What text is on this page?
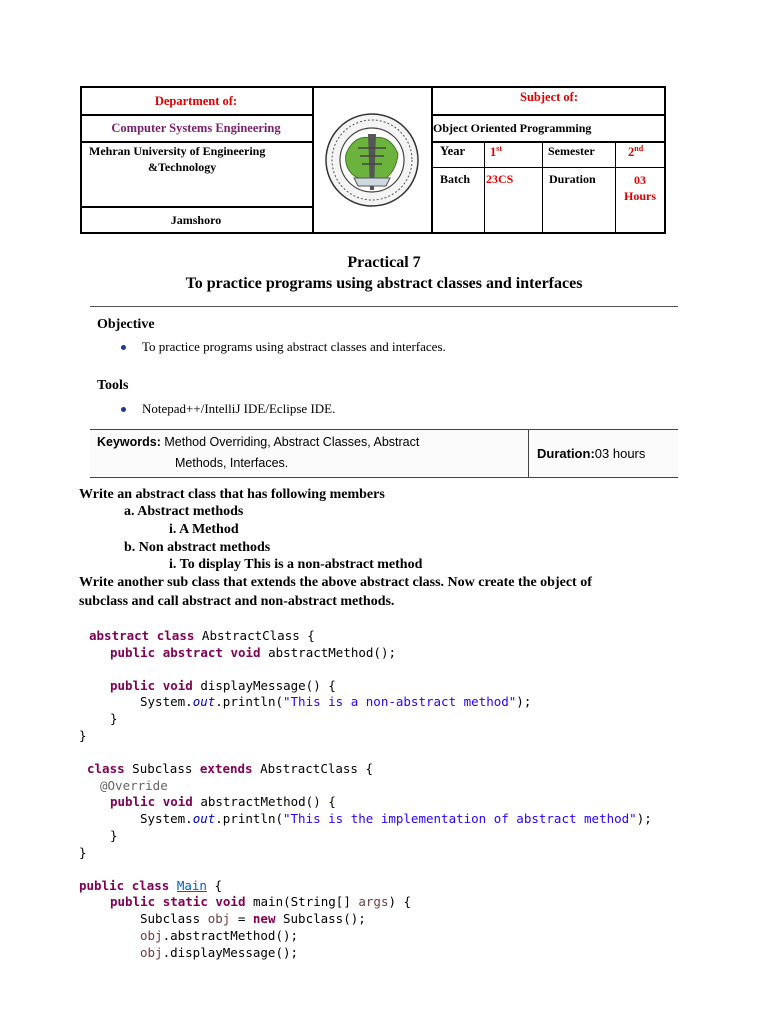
Department of:	Subject of:
Computer Systems Engineering	Object Oriented Programming
Mehran University of Engineering
&Technology
Jamshoro
Year 1st	Semester	2nd
Batch 23CS	Duration	03
Hours
Practical 7
To practice programs using abstract classes and interfaces
Objective
To practice programs using abstract classes and interfaces.
Tools
Notepad++/IntelliJ IDE/Eclipse IDE.
Keywords: Method Overriding, Abstract Classes, Abstract
Methods, Interfaces.
Duration:03 hours
Write an abstract class that has following members
a. Abstract methods
i. A Method
b. Non abstract methods
i. To display This is a non-abstract method
Write another sub class that extends the above abstract class. Now create the object of
subclass and call abstract and non-abstract methods.
abstract class AbstractClass {
public abstract void abstractMethod();
public void displayMessage() {
System.out.println("This is a non-abstract method");
}
}
class Subclass extends AbstractClass {
@Override
public void abstractMethod() {
System.out.println("This is the implementation of abstract method");
}
}
public class Main {
public static void main(String[] args) {
Subclass obj = new Subclass();
obj.abstractMethod();
obj.displayMessage();
